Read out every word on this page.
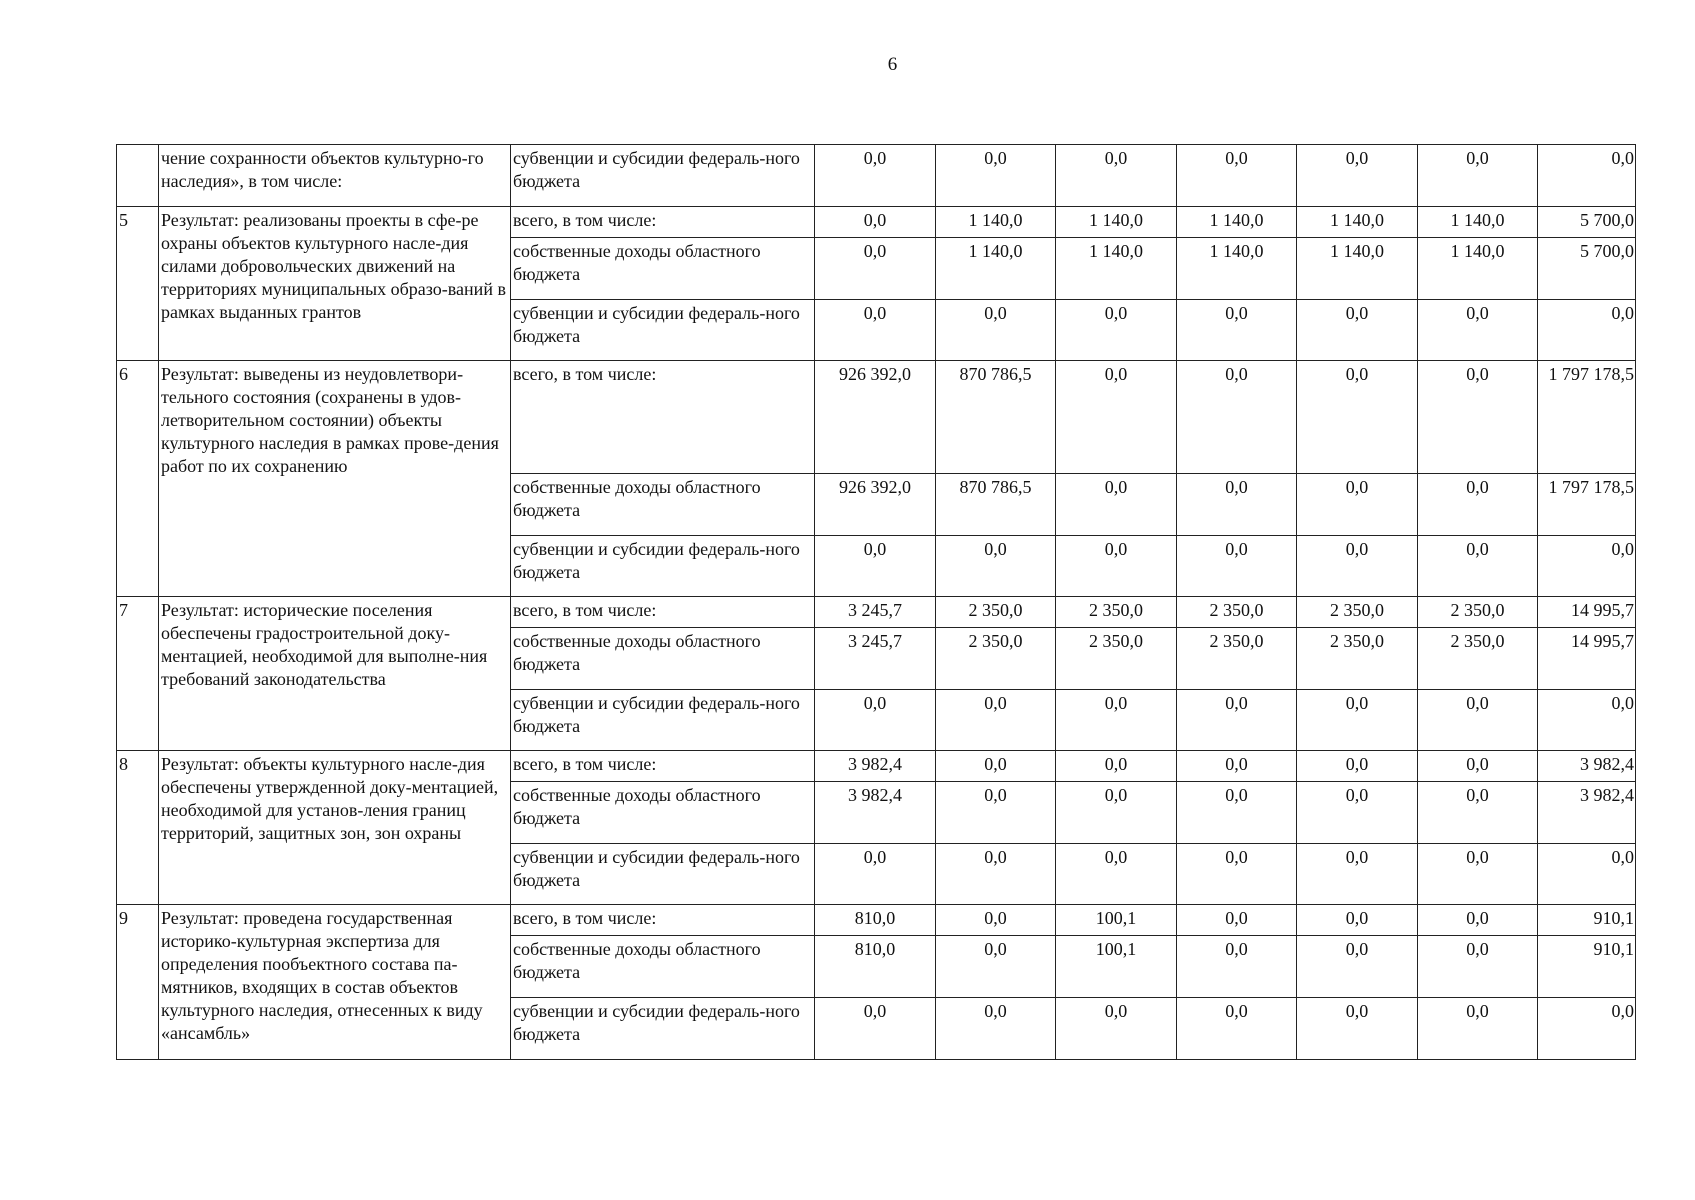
6
	чение сохранности объектов культурно-го наследия», в том числе:	субвенции и субсидии федераль-ного бюджета	0,0	0,0	0,0	0,0	0,0	0,0	0,0
5	Результат: реализованы проекты в сфе-ре охраны объектов культурного насле-дия силами добровольческих движений на территориях муниципальных образо-ваний в рамках выданных грантов	всего, в том числе:	0,0	1 140,0	1 140,0	1 140,0	1 140,0	1 140,0	5 700,0
		собственные доходы областного бюджета	0,0	1 140,0	1 140,0	1 140,0	1 140,0	1 140,0	5 700,0
		субвенции и субсидии федераль-ного бюджета	0,0	0,0	0,0	0,0	0,0	0,0	0,0
6	Результат: выведены из неудовлетвори-тельного состояния (сохранены в удов-летворительном состоянии) объекты культурного наследия в рамках прове-дения работ по их сохранению	всего, в том числе:	926 392,0	870 786,5	0,0	0,0	0,0	0,0	1 797 178,5
		собственные доходы областного бюджета	926 392,0	870 786,5	0,0	0,0	0,0	0,0	1 797 178,5
		субвенции и субсидии федераль-ного бюджета	0,0	0,0	0,0	0,0	0,0	0,0	0,0
7	Результат: исторические поселения обеспечены градостроительной доку-ментацией, необходимой для выполне-ния требований законодательства	всего, в том числе:	3 245,7	2 350,0	2 350,0	2 350,0	2 350,0	2 350,0	14 995,7
		собственные доходы областного бюджета	3 245,7	2 350,0	2 350,0	2 350,0	2 350,0	2 350,0	14 995,7
		субвенции и субсидии федераль-ного бюджета	0,0	0,0	0,0	0,0	0,0	0,0	0,0
8	Результат: объекты культурного насле-дия обеспечены утвержденной доку-ментацией, необходимой для установ-ления границ территорий, защитных зон, зон охраны	всего, в том числе:	3 982,4	0,0	0,0	0,0	0,0	0,0	3 982,4
		собственные доходы областного бюджета	3 982,4	0,0	0,0	0,0	0,0	0,0	3 982,4
		субвенции и субсидии федераль-ного бюджета	0,0	0,0	0,0	0,0	0,0	0,0	0,0
9	Результат: проведена государственная историко-культурная экспертиза для определения пообъектного состава па-мятников, входящих в состав объектов культурного наследия, отнесенных к виду «ансамбль»	всего, в том числе:	810,0	0,0	100,1	0,0	0,0	0,0	910,1
		собственные доходы областного бюджета	810,0	0,0	100,1	0,0	0,0	0,0	910,1
		субвенции и субсидии федераль-ного бюджета	0,0	0,0	0,0	0,0	0,0	0,0	0,0
